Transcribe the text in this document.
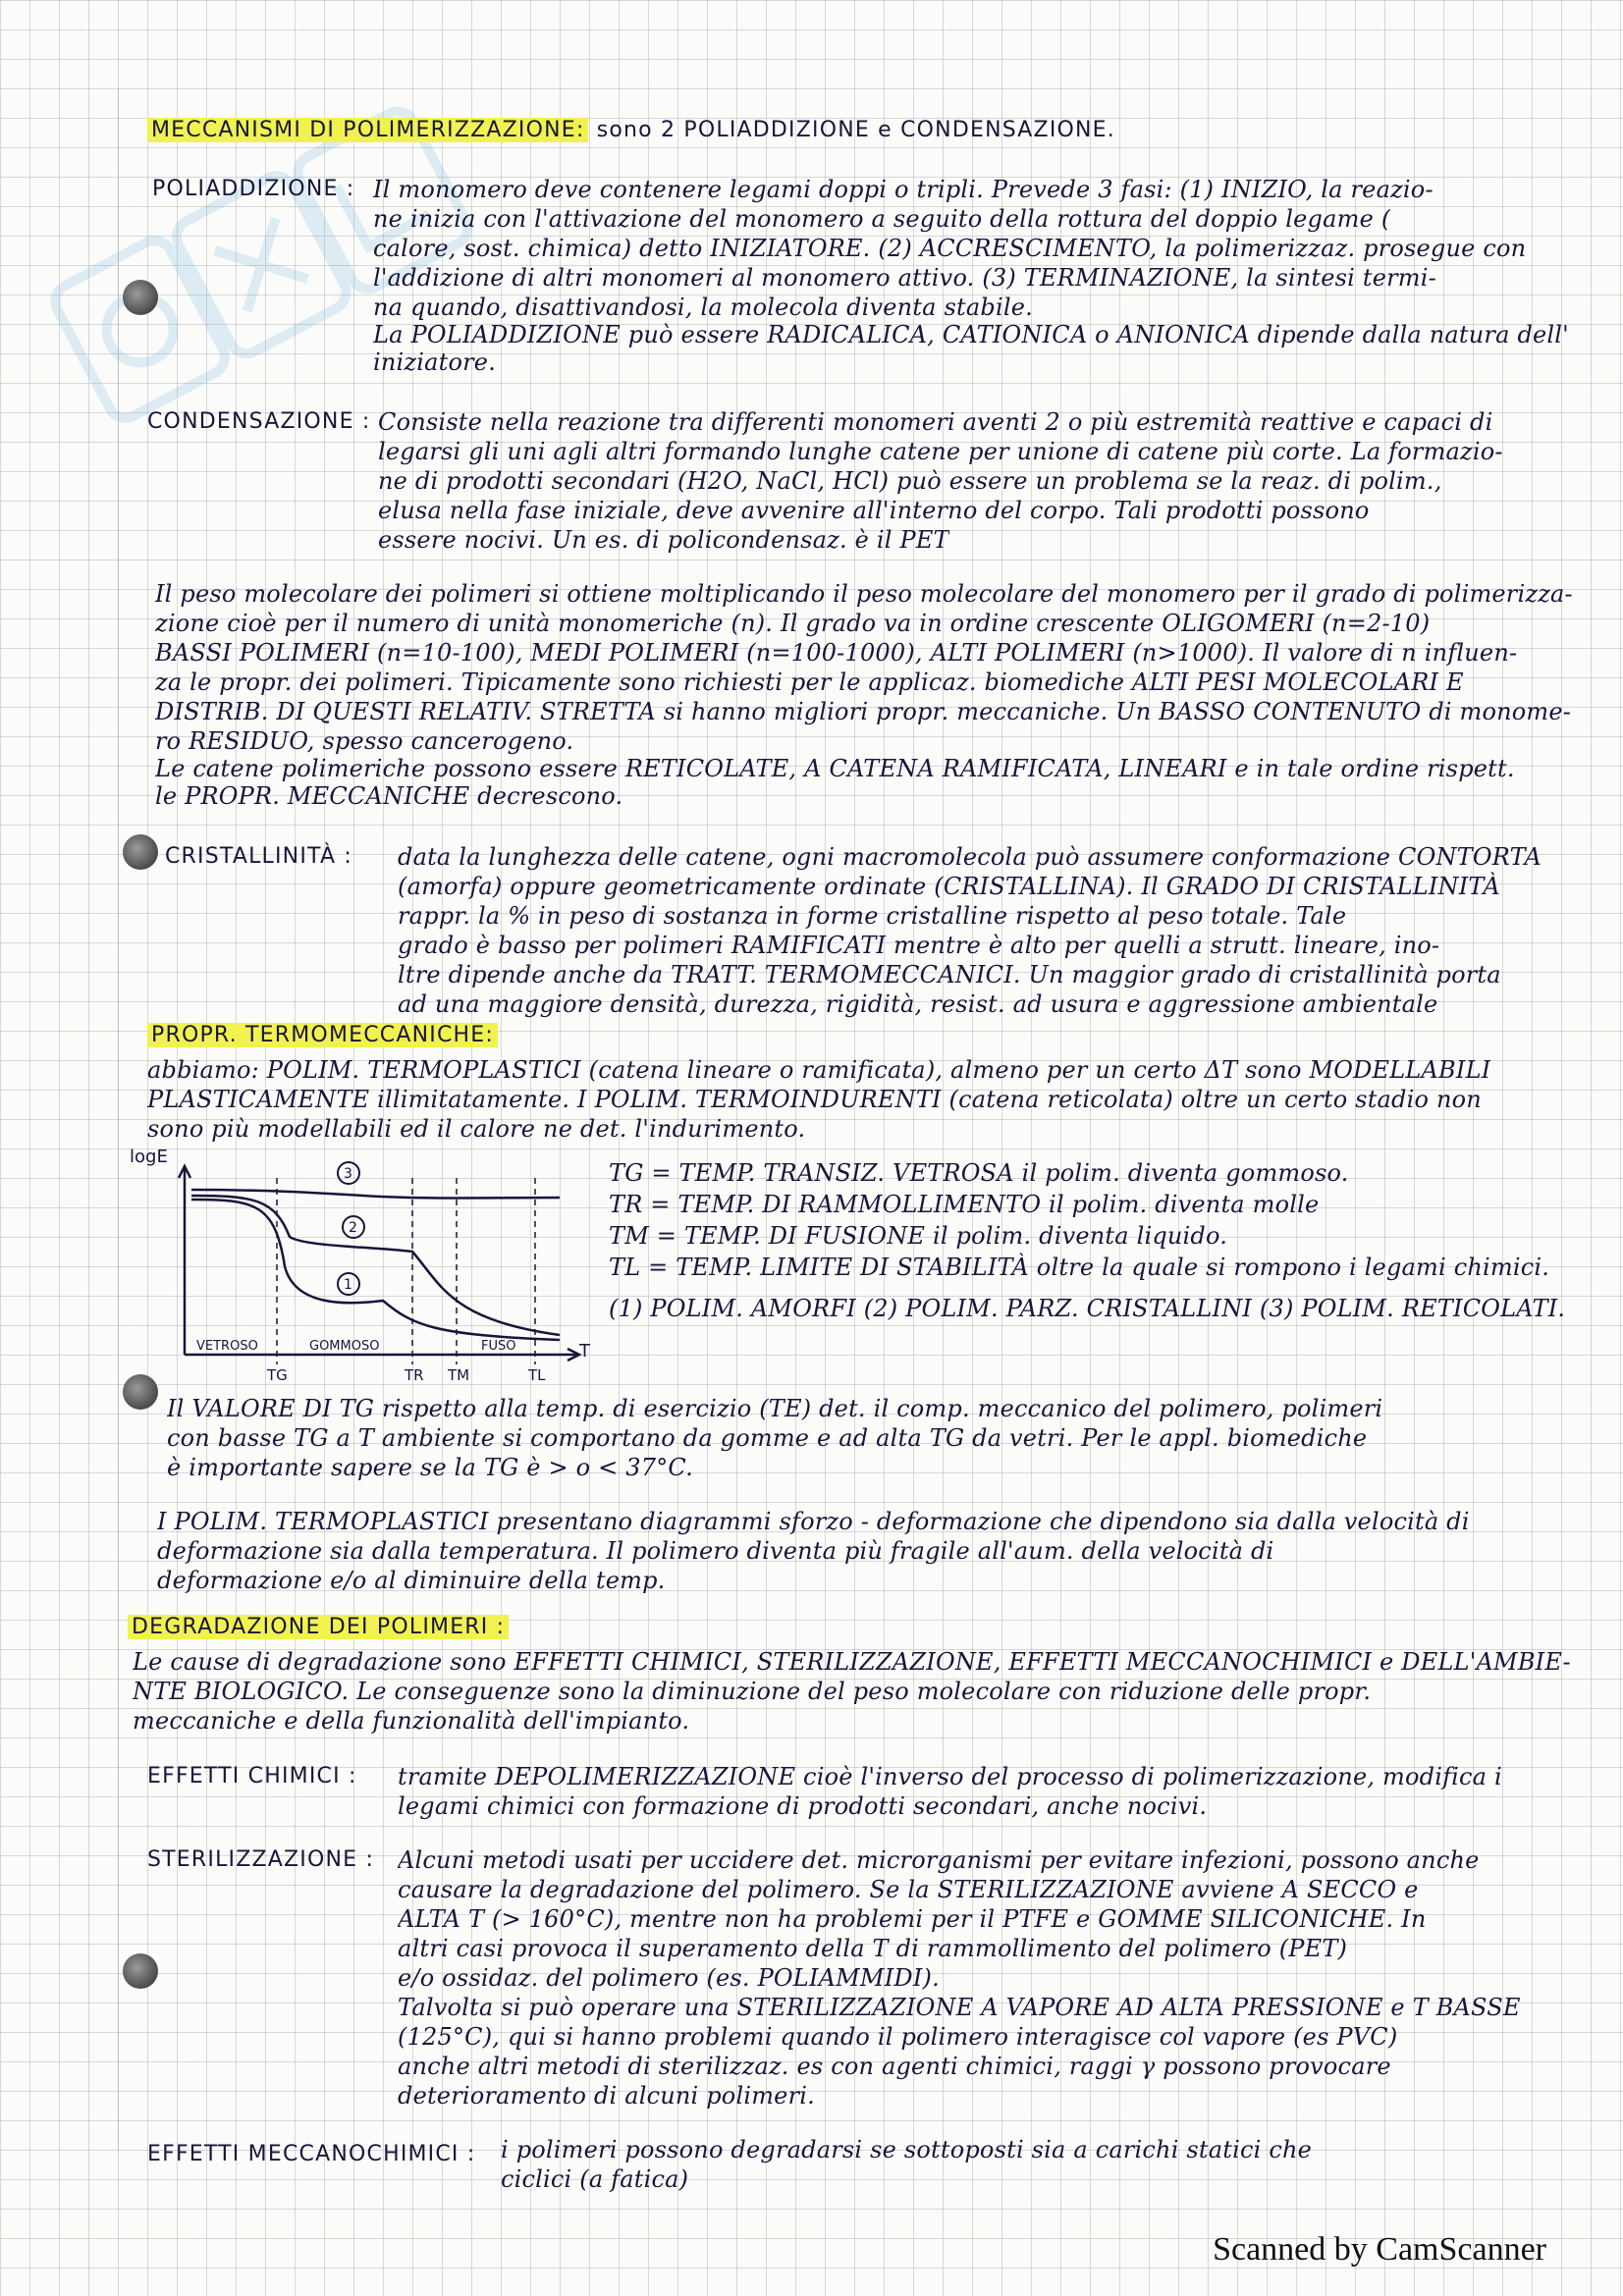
MECCANISMI DI POLIMERIZZAZIONE: sono 2 POLIADDIZIONE e CONDENSAZIONE.
POLIADDIZIONE : Il monomero deve contenere legami doppi o tripli. Prevede 3 fasi: (1) INIZIO, la reazio-
ne inizia con l'attivazione del monomero a seguito della rottura del doppio legame (
calore, sost. chimica) detto INIZIATORE. (2) ACCRESCIMENTO, la polimerizzaz. prosegue con
l'addizione di altri monomeri al monomero attivo. (3) TERMINAZIONE, la sintesi termi-
na quando, disattivandosi, la molecola diventa stabile.
La POLIADDIZIONE può essere RADICALICA, CATIONICA o ANIONICA dipende dalla natura dell'
iniziatore.
CONDENSAZIONE : Consiste nella reazione tra differenti monomeri aventi 2 o più estremità reattive e capaci di
legarsi gli uni agli altri formando lunghe catene per unione di catene più corte. La formazio-
ne di prodotti secondari (H2O, NaCl, HCl) può essere un problema se la reaz. di polim.,
elusa nella fase iniziale, deve avvenire all'interno del corpo. Tali prodotti possono
essere nocivi. Un es. di policondensaz. è il PET
Il peso molecolare dei polimeri si ottiene moltiplicando il peso molecolare del monomero per il grado di polimerizza-
zione cioè per il numero di unità monomeriche (n). Il grado va in ordine crescente OLIGOMERI (n=2-10)
BASSI POLIMERI (n=10-100), MEDI POLIMERI (n=100-1000), ALTI POLIMERI (n>1000). Il valore di n influen-
za le propr. dei polimeri. Tipicamente sono richiesti per le applicaz. biomediche ALTI PESI MOLECOLARI E
DISTRIB. DI QUESTI RELATIV. STRETTA si hanno migliori propr. meccaniche. Un BASSO CONTENUTO di monome-
ro RESIDUO, spesso cancerogeno.
Le catene polimeriche possono essere RETICOLATE, A CATENA RAMIFICATA, LINEARI e in tale ordine rispett.
le PROPR. MECCANICHE decrescono.
CRISTALLINITÀ : data la lunghezza delle catene, ogni macromolecola può assumere conformazione CONTORTA
(amorfa) oppure geometricamente ordinate (CRISTALLINA). Il GRADO DI CRISTALLINITÀ
rappr. la % in peso di sostanza in forme cristalline rispetto al peso totale. Tale
grado è basso per polimeri RAMIFICATI mentre è alto per quelli a strutt. lineare, ino-
ltre dipende anche da TRATT. TERMOMECCANICI. Un maggior grado di cristallinità porta
ad una maggiore densità, durezza, rigidità, resist. ad usura e aggressione ambientale
PROPR. TERMOMECCANICHE:
abbiamo: POLIM. TERMOPLASTICI (catena lineare o ramificata), almeno per un certo ΔT sono MODELLABILI
PLASTICAMENTE illimitatamente. I POLIM. TERMOINDURENTI (catena reticolata) oltre un certo stadio non
sono più modellabili ed il calore ne det. l'indurimento.
logE
T
3
2
1
VETROSO	GOMMOSO	FUSO
TG	TR TM	TL
TG = TEMP. TRANSIZ. VETROSA il polim. diventa gommoso.
TR = TEMP. DI RAMMOLLIMENTO il polim. diventa molle
TM = TEMP. DI FUSIONE il polim. diventa liquido.
TL = TEMP. LIMITE DI STABILITÀ oltre la quale si rompono i legami chimici.
(1) POLIM. AMORFI (2) POLIM. PARZ. CRISTALLINI (3) POLIM. RETICOLATI.
Il VALORE DI TG rispetto alla temp. di esercizio (TE) det. il comp. meccanico del polimero, polimeri
con basse TG a T ambiente si comportano da gomme e ad alta TG da vetri. Per le appl. biomediche
è importante sapere se la TG è > o < 37°C.
I POLIM. TERMOPLASTICI presentano diagrammi sforzo - deformazione che dipendono sia dalla velocità di
deformazione sia dalla temperatura. Il polimero diventa più fragile all'aum. della velocità di
deformazione e/o al diminuire della temp.
DEGRADAZIONE DEI POLIMERI :
Le cause di degradazione sono EFFETTI CHIMICI, STERILIZZAZIONE, EFFETTI MECCANOCHIMICI e DELL'AMBIE-
NTE BIOLOGICO. Le conseguenze sono la diminuzione del peso molecolare con riduzione delle propr.
meccaniche e della funzionalità dell'impianto.
EFFETTI CHIMICI : tramite DEPOLIMERIZZAZIONE cioè l'inverso del processo di polimerizzazione, modifica i
legami chimici con formazione di prodotti secondari, anche nocivi.
STERILIZZAZIONE : Alcuni metodi usati per uccidere det. microrganismi per evitare infezioni, possono anche
causare la degradazione del polimero. Se la STERILIZZAZIONE avviene A SECCO e
ALTA T (> 160°C), mentre non ha problemi per il PTFE e GOMME SILICONICHE. In
altri casi provoca il superamento della T di rammollimento del polimero (PET)
e/o ossidaz. del polimero (es. POLIAMMIDI).
Talvolta si può operare una STERILIZZAZIONE A VAPORE AD ALTA PRESSIONE e T BASSE
(125°C), qui si hanno problemi quando il polimero interagisce col vapore (es PVC)
anche altri metodi di sterilizzaz. es con agenti chimici, raggi γ possono provocare
deterioramento di alcuni polimeri.
EFFETTI MECCANOCHIMICI : i polimeri possono degradarsi se sottoposti sia a carichi statici che
ciclici (a fatica)
Scanned by CamScanner
